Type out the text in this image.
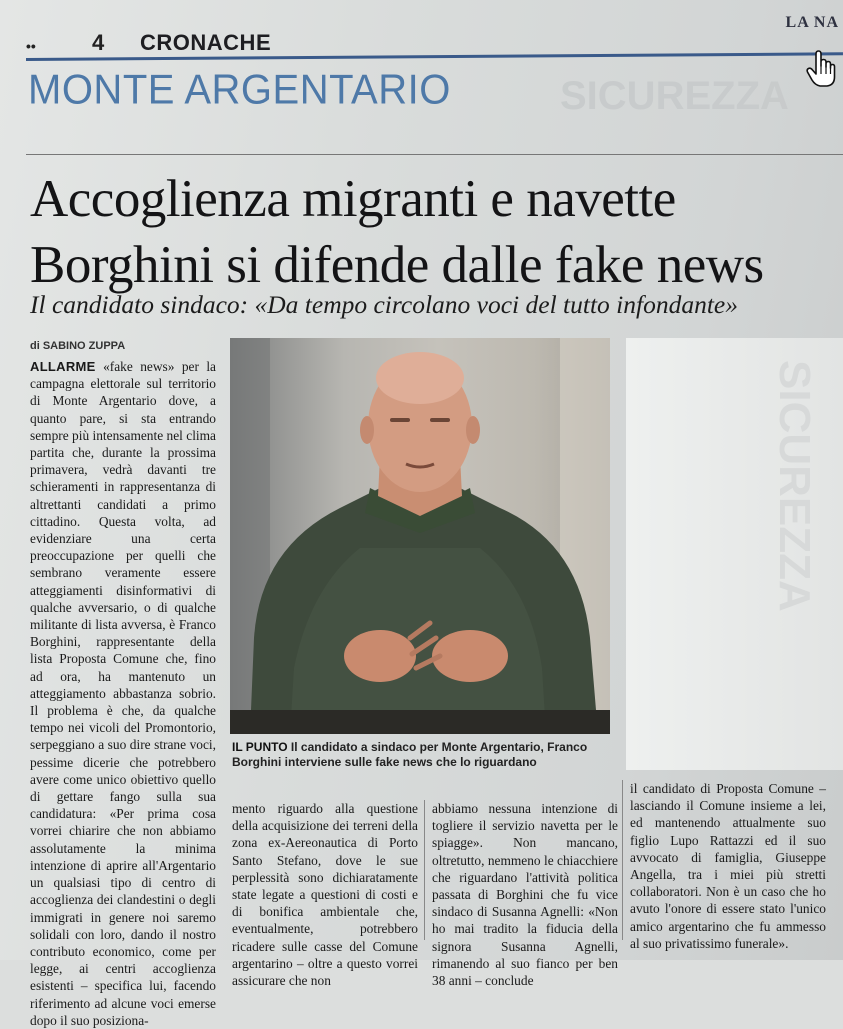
SICUREZZA
••	4 CRONACHE
LA NA
MONTE ARGENTARIO
Accoglienza migranti e navette
Borghini si difende dalle fake news
Il candidato sindaco: «Da tempo circolano voci del tutto infondante»
di SABINO ZUPPA
ALLARME «fake news» per la campagna elettorale sul territorio di Monte Argentario dove, a quanto pare, si sta entrando sempre più intensamente nel clima partita che, durante la prossima primavera, vedrà davanti tre schieramenti in rappresentanza di altrettanti candidati a primo cittadino. Questa volta, ad evidenziare una certa preoccupazione per quelli che sembrano veramente essere atteggiamenti disinformativi di qualche avversario, o di qualche militante di lista avversa, è Franco Borghini, rappresentante della lista Proposta Comune che, fino ad ora, ha mantenuto un atteggiamento abbastanza sobrio. Il problema è che, da qualche tempo nei vicoli del Promontorio, serpeggiano a suo dire strane voci, pessime dicerie che potrebbero avere come unico obiettivo quello di gettare fango sulla sua candidatura: «Per prima cosa vorrei chiarire che non abbiamo assolutamente la minima intenzione di aprire all'Argentario un qualsiasi tipo di centro di accoglienza dei clandestini o degli immigrati in genere noi saremo solidali con loro, dando il nostro contributo economico, come per legge, ai centri accoglienza esistenti – specifica lui, facendo riferimento ad alcune voci emerse dopo il suo posiziona-
IL PUNTO Il candidato a sindaco per Monte Argentario, Franco Borghini interviene sulle fake news che lo riguardano
SICUREZZA
mento riguardo alla questione della acquisizione dei terreni della zona ex-Aereonautica di Porto Santo Stefano, dove le sue perplessità sono dichiaratamente state legate a questioni di costi e di bonifica ambientale che, eventualmente, potrebbero ricadere sulle casse del Comune argentarino – oltre a questo vorrei assicurare che non
abbiamo nessuna intenzione di togliere il servizio navetta per le spiagge». Non mancano, oltretutto, nemmeno le chiacchiere che riguardano l'attività politica passata di Borghini che fu vice sindaco di Susanna Agnelli: «Non ho mai tradito la fiducia della signora Susanna Agnelli, rimanendo al suo fianco per ben 38 anni – conclude
il candidato di Proposta Comune – lasciando il Comune insieme a lei, ed mantenendo attualmente suo figlio Lupo Rattazzi ed il suo avvocato di famiglia, Giuseppe Angella, tra i miei più stretti collaboratori. Non è un caso che ho avuto l'onore di essere stato l'unico amico argentarino che fu ammesso al suo privatissimo funerale».
